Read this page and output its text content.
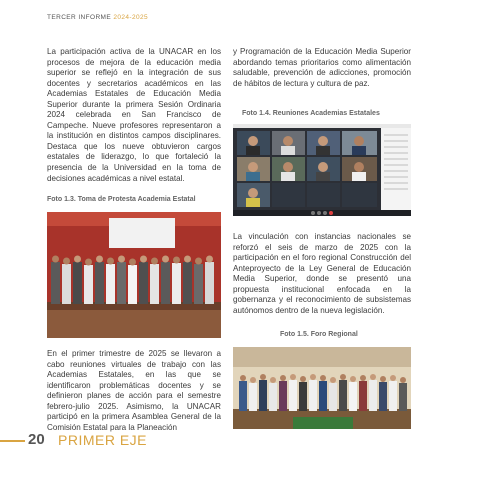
TERCER INFORME 2024-2025

La participación activa de la UNACAR en los procesos de mejora de la educación media superior se reflejó en la integración de sus docentes y secretarios académicos en las Academias Estatales de Educación Media Superior durante la primera Sesión Ordinaria 2024 celebrada en San Francisco de Campeche. Nueve profesores representaron a la institución en distintos campos disciplinares. Destaca que los nueve obtuvieron cargos estatales de liderazgo, lo que fortaleció la presencia de la Universidad en la toma de decisiones académicas a nivel estatal.

y Programación de la Educación Media Superior abordando temas prioritarios como alimentación saludable, prevención de adicciones, promoción de hábitos de lectura y cultura de paz.

Foto 1.4. Reuniones Academias Estatales
Foto 1.3. Toma de Protesta Academia Estatal

La vinculación con instancias nacionales se reforzó el seis de marzo de 2025 con la participación en el foro regional Construcción del Anteproyecto de la Ley General de Educación Media Superior, donde se presentó una propuesta institucional enfocada en la gobernanza y el reconocimiento de subsistemas autónomos dentro de la nueva legislación.

Foto 1.5. Foro Regional

En el primer trimestre de 2025 se llevaron a cabo reuniones virtuales de trabajo con las Academias Estatales, en las que se identificaron problemáticas docentes y se definieron planes de acción para el semestre febrero-julio 2025. Asimismo, la UNACAR participó en la primera Asamblea General de la Comisión Estatal para la Planeación

20 PRIMER EJE
